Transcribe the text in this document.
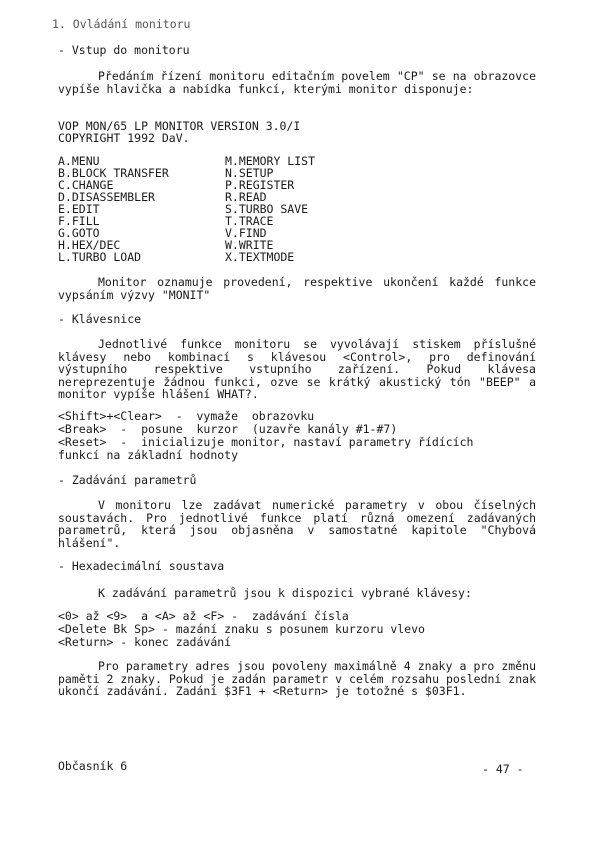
1. Ovládání monitoru
- Vstup do monitoru
Předáním řízení monitoru editačním povelem "CP" se na obrazovce vypíše hlavička a nabídka funkcí, kterými monitor disponuje:
VOP MON/65 LP MONITOR VERSION 3.0/I
COPYRIGHT 1992 DaV.
A.MENU
B.BLOCK TRANSFER
C.CHANGE
D.DISASSEMBLER
E.EDIT
F.FILL
G.GOTO
H.HEX/DEC
L.TURBO LOAD
M.MEMORY LIST
N.SETUP
P.REGISTER
R.READ
S.TURBO SAVE
T.TRACE
V.FIND
W.WRITE
X.TEXTMODE
Monitor oznamuje provedení, respektive ukončení každé funkce vypsáním výzvy "MONIT"
- Klávesnice
Jednotlivé funkce monitoru se vyvolávají stiskem příslušné klávesy nebo kombinací s klávesou <Control>, pro definování výstupního respektive vstupního zařízení. Pokud klávesa nereprezentuje žádnou funkci, ozve se krátký akustický tón "BEEP" a monitor vypíše hlášení WHAT?.
<Shift>+<Clear>  -  vymaže  obrazovku
<Break>  -  posune  kurzor  (uzavře kanály #1-#7)
<Reset>  -  inicializuje monitor, nastaví parametry řídících
funkcí na základní hodnoty
- Zadávání parametrů
V monitoru lze zadávat numerické parametry v obou číselných soustavách. Pro jednotlivé funkce platí různá omezení zadávaných parametrů, která jsou objasněna v samostatné kapitole "Chybová hlášení".
- Hexadecimální soustava
K zadávání parametrů jsou k dispozici vybrané klávesy:
<0> až <9>  a <A> až <F> -  zadávání čísla
<Delete Bk Sp> - mazání znaku s posunem kurzoru vlevo
<Return> - konec zadávání
Pro parametry adres jsou povoleny maximálně 4 znaky a pro změnu paměti 2 znaky. Pokud je zadán parametr v celém rozsahu poslední znak ukončí zadávání. Zadání $3F1 + <Return> je totožné s $03F1.
Občasník 6	- 47 -
